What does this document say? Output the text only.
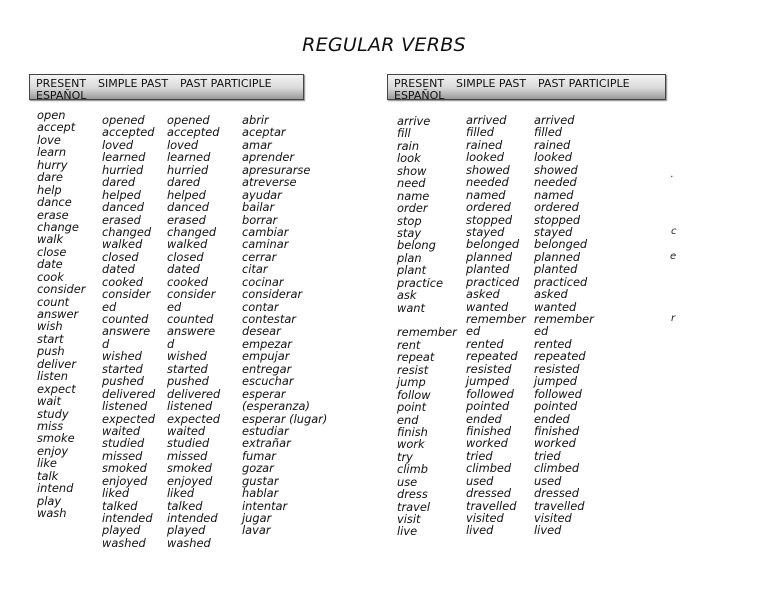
REGULAR VERBS
PRESENT ESPAÑOL
SIMPLE PAST PAST PARTICIPLE	PRESENT ESPAÑOL
SIMPLE PAST PAST PARTICIPLE
open
accept
love
learn
hurry
dare
help
dance
erase
change
walk
close
date
cook
consider
count
answer
wish
start
push
deliver
listen
expect
wait
study
miss
smoke
enjoy
like
talk
intend
play
wash
opened
accepted
loved
learned
hurried
dared
helped
danced
erased
changed
walked
closed
dated
cooked
consider
ed
counted
answere
d
wished
started
pushed
delivered
listened
expected
waited
studied
missed
smoked
enjoyed
liked
talked
intended
played
washed
opened
accepted
loved
learned
hurried
dared
helped
danced
erased
changed
walked
closed
dated
cooked
consider
ed
counted
answere
d
wished
started
pushed
delivered
listened
expected
waited
studied
missed
smoked
enjoyed
liked
talked
intended
played
washed
abrir
aceptar
amar
aprender
apresurarse
atreverse
ayudar
bailar
borrar
cambiar
caminar
cerrar
citar
cocinar
considerar
contar
contestar
desear
empezar
empujar
entregar
escuchar
esperar
(esperanza)
esperar (lugar)
estudiar
extrañar
fumar
gozar
gustar
hablar
intentar
jugar
lavar
arrive
fill
rain
look
show
need
name
order
stop
stay
belong
plan
plant
practice
ask
want
remember
rent
repeat
resist
jump
follow
point
end
finish
work
try
climb
use
dress
travel
visit
live
arrived
filled
rained
looked
showed
needed
named
ordered
stopped
stayed
belonged
planned
planted
practiced
asked
wanted
remember
ed
rented
repeated
resisted
jumped
followed
pointed
ended
finished
worked
tried
climbed
used
dressed
travelled
visited
lived
arrived
filled
rained
looked
showed
needed
named
ordered
stopped
stayed
belonged
planned
planted
practiced
asked
wanted
remember
ed
rented
repeated
resisted
jumped
followed
pointed
ended
finished
worked
tried
climbed
used
dressed
travelled
visited
lived
·
c
e
r
